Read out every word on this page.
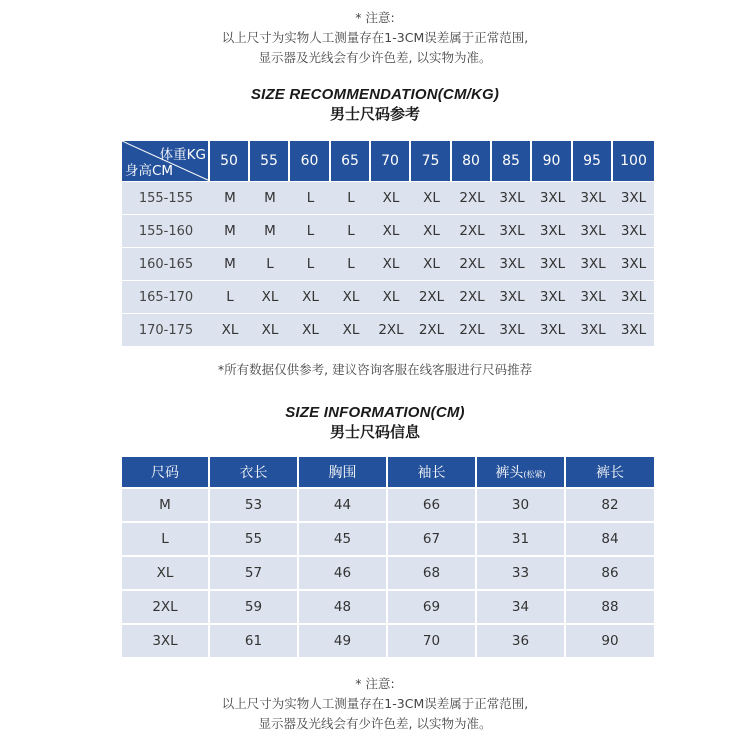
* 注意:
以上尺寸为实物人工测量存在1-3CM误差属于正常范围,
显示器及光线会有少许色差, 以实物为准。
SIZE RECOMMENDATION(CM/KG)
男士尺码参考
体重KG
身高CM	50	55	60	65	70	75	80	85	90	95	100
155-155	M	M	L	L	XL	XL	2XL	3XL	3XL	3XL	3XL
155-160	M	M	L	L	XL	XL	2XL	3XL	3XL	3XL	3XL
160-165	M	L	L	L	XL	XL	2XL	3XL	3XL	3XL	3XL
165-170	L	XL	XL	XL	XL	2XL	2XL	3XL	3XL	3XL	3XL
170-175	XL	XL	XL	XL	2XL	2XL	2XL	3XL	3XL	3XL	3XL
*所有数据仅供参考, 建议咨询客服在线客服进行尺码推荐
SIZE INFORMATION(CM)
男士尺码信息
尺码	衣长	胸围	袖长	裤头(松紧)	裤长
M	53	44	66	30	82
L	55	45	67	31	84
XL	57	46	68	33	86
2XL	59	48	69	34	88
3XL	61	49	70	36	90
* 注意:
以上尺寸为实物人工测量存在1-3CM误差属于正常范围,
显示器及光线会有少许色差, 以实物为准。
